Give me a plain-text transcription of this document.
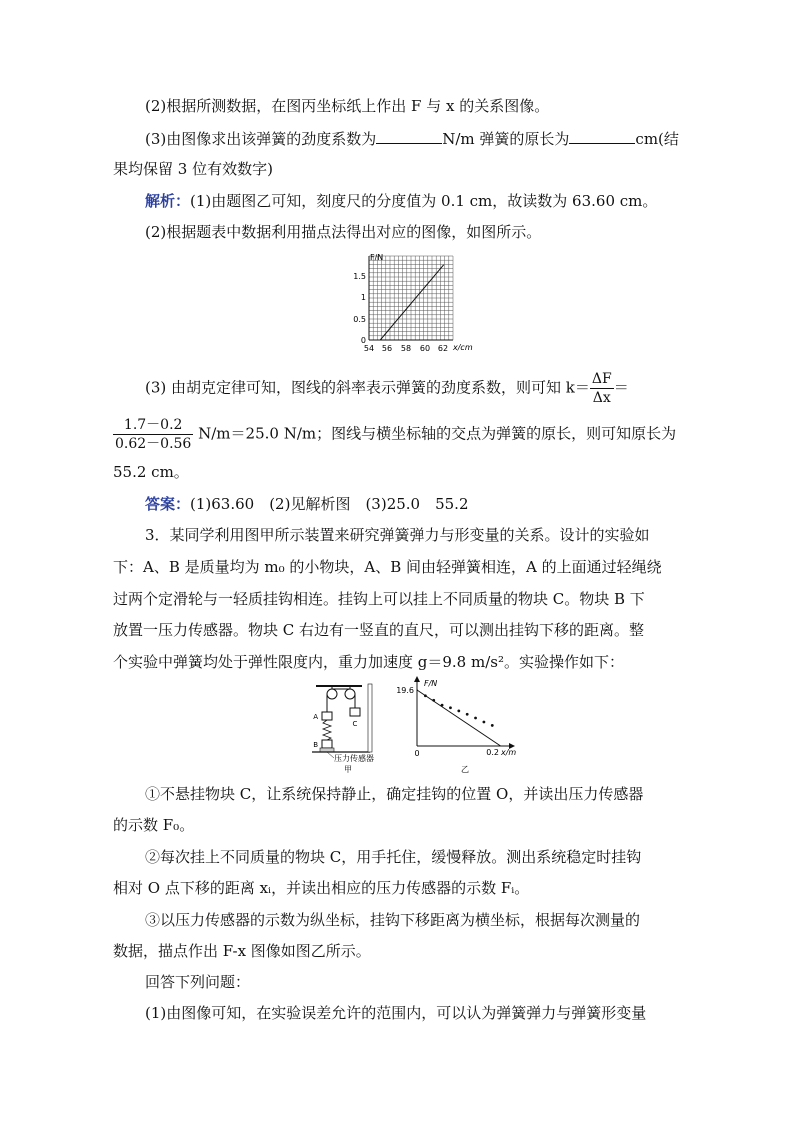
(2)根据所测数据，在图丙坐标纸上作出 F 与 x 的关系图像。
(3)由图像求出该弹簧的劲度系数为	N/m 弹簧的原长为	cm(结
果均保留 3 位有效数字)
解析：(1)由题图乙可知，刻度尺的分度值为 0.1 cm，故读数为 63.60 cm。
(2)根据题表中数据利用描点法得出对应的图像，如图所示。
F/N
x/cm
1.5
1
0.5
0
54 56 58 60 62
(3) 由胡克定律可知，图线的斜率表示弹簧的劲度系数，则可知 $k= \frac{\Delta F}{\Delta x}$ ＝
$\frac{1.7-0.2}{0.62-0.56} N/m=25.0$ N/m；图线与横坐标轴的交点为弹簧的原长，则可知原长为
55.2 cm。
答案：(1)63.60　(2)见解析图　(3)25.0　55.2
3．某同学利用图甲所示装置来研究弹簧弹力与形变量的关系。设计的实验如
下：A、B 是质量均为 m₀ 的小物块，A、B 间由轻弹簧相连，A 的上面通过轻绳绕
过两个定滑轮与一轻质挂钩相连。挂钩上可以挂上不同质量的物块 C。物块 B 下
放置一压力传感器。物块 C 右边有一竖直的直尺，可以测出挂钩下移的距离。整
个实验中弹簧均处于弹性限度内，重力加速度 g＝9.8 m/s²。实验操作如下：
A
B
C
压力传感器
甲
F/N
19.6
0	0.2 x/m
乙
①不悬挂物块 C，让系统保持静止，确定挂钩的位置 O，并读出压力传感器
的示数 F₀。
②每次挂上不同质量的物块 C，用手托住，缓慢释放。测出系统稳定时挂钩
相对 O 点下移的距离 xᵢ，并读出相应的压力传感器的示数 Fᵢ。
③以压力传感器的示数为纵坐标，挂钩下移距离为横坐标，根据每次测量的
数据，描点作出 F-x 图像如图乙所示。
回答下列问题：
(1)由图像可知，在实验误差允许的范围内，可以认为弹簧弹力与弹簧形变量
